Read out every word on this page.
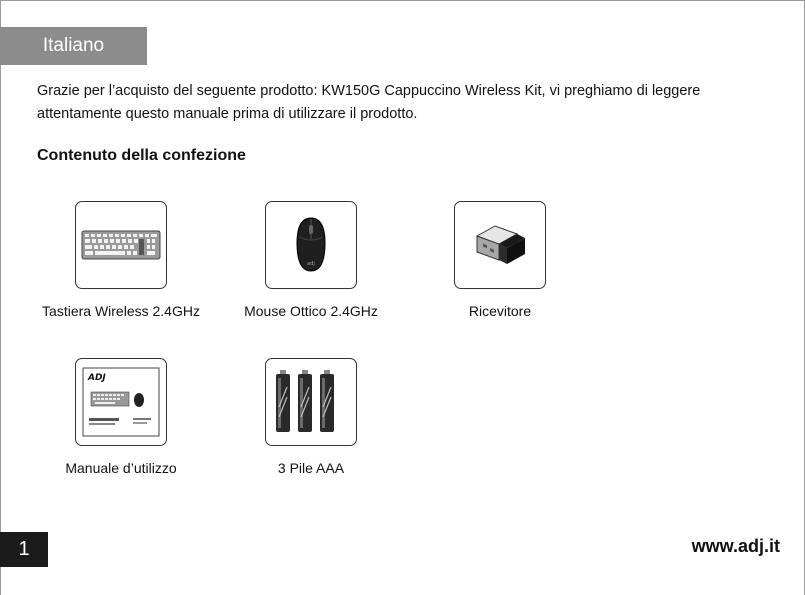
Italiano

Grazie per l’acquisto del seguente prodotto: KW150G Cappuccino Wireless Kit, vi preghiamo di leggere attentamente questo manuale prima di utilizzare il prodotto.

Contenuto della confezione
Tastiera Wireless 2.4GHz
adj
Mouse Ottico 2.4GHz	Ricevitore
ADJ
Manuale d’utilizzo	3 Pile AAA
1	www.adj.it
